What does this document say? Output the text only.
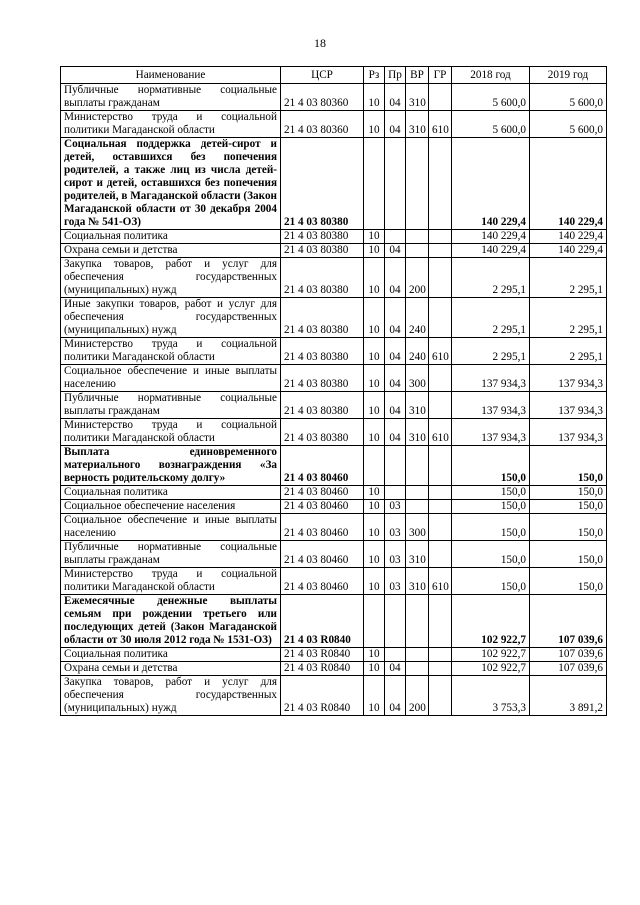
18
Наименование	ЦСР	Рз	Пр	ВР	ГР	2018 год	2019 год
Публичные нормативные социальные выплаты гражданам	21 4 03 80360	10	04	310		5 600,0	5 600,0
Министерство труда и социальной политики Магаданской области	21 4 03 80360	10	04	310	610	5 600,0	5 600,0
Социальная поддержка детей-сирот и детей, оставшихся без попечения родителей, а также лиц из числа детей-сирот и детей, оставшихся без попечения родителей, в Магаданской области (Закон Магаданской области от 30 декабря 2004 года № 541-ОЗ)	21 4 03 80380					140 229,4	140 229,4
Социальная политика	21 4 03 80380	10				140 229,4	140 229,4
Охрана семьи и детства	21 4 03 80380	10	04			140 229,4	140 229,4
Закупка товаров, работ и услуг для обеспечения государственных (муниципальных) нужд	21 4 03 80380	10	04	200		2 295,1	2 295,1
Иные закупки товаров, работ и услуг для обеспечения государственных (муниципальных) нужд	21 4 03 80380	10	04	240		2 295,1	2 295,1
Министерство труда и социальной политики Магаданской области	21 4 03 80380	10	04	240	610	2 295,1	2 295,1
Социальное обеспечение и иные выплаты населению	21 4 03 80380	10	04	300		137 934,3	137 934,3
Публичные нормативные социальные выплаты гражданам	21 4 03 80380	10	04	310		137 934,3	137 934,3
Министерство труда и социальной политики Магаданской области	21 4 03 80380	10	04	310	610	137 934,3	137 934,3
Выплата единовременного материального вознаграждения «За верность родительскому долгу»	21 4 03 80460					150,0	150,0
Социальная политика	21 4 03 80460	10				150,0	150,0
Социальное обеспечение населения	21 4 03 80460	10	03			150,0	150,0
Социальное обеспечение и иные выплаты населению	21 4 03 80460	10	03	300		150,0	150,0
Публичные нормативные социальные выплаты гражданам	21 4 03 80460	10	03	310		150,0	150,0
Министерство труда и социальной политики Магаданской области	21 4 03 80460	10	03	310	610	150,0	150,0
Ежемесячные денежные выплаты семьям при рождении третьего или последующих детей (Закон Магаданской области от 30 июля 2012 года № 1531-ОЗ)	21 4 03 R0840					102 922,7	107 039,6
Социальная политика	21 4 03 R0840	10				102 922,7	107 039,6
Охрана семьи и детства	21 4 03 R0840	10	04			102 922,7	107 039,6
Закупка товаров, работ и услуг для обеспечения государственных (муниципальных) нужд	21 4 03 R0840	10	04	200		3 753,3	3 891,2
